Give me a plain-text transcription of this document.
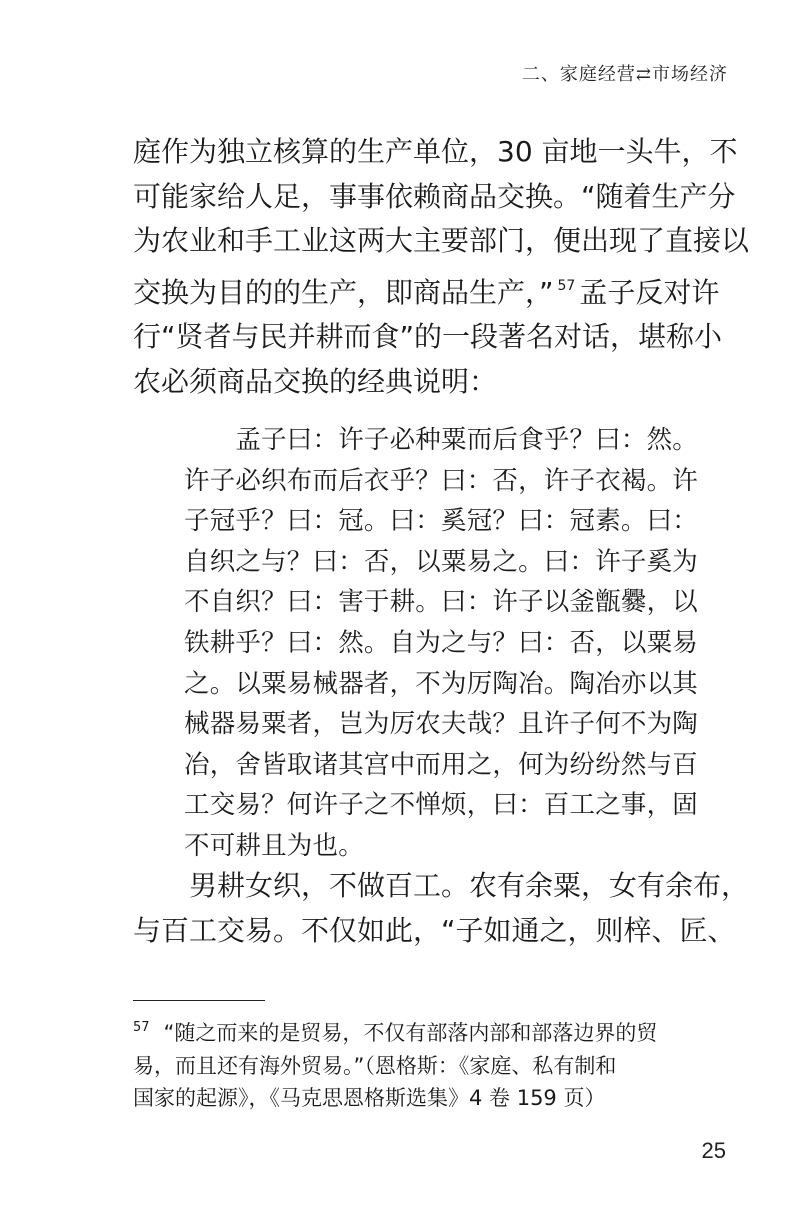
二、家庭经营⇄市场经济

庭作为独立核算的生产单位，30 亩地一头牛，不

可能家给人足，事事依赖商品交换。“随着生产分

为农业和手工业这两大主要部门，便出现了直接以

交换为目的的生产，即商品生产，” $^{57}$ 孟子反对许

行“贤者与民并耕而食”的一段著名对话，堪称小

农必须商品交换的经典说明：

　　孟子曰：许子必种粟而后食乎？曰：然。

许子必织布而后衣乎？曰：否，许子衣褐。许

子冠乎？曰：冠。曰：奚冠？曰：冠素。曰：

自织之与？曰：否，以粟易之。曰：许子奚为

不自织？曰：害于耕。曰：许子以釜甑爨，以

铁耕乎？曰：然。自为之与？曰：否，以粟易

之。以粟易械器者，不为厉陶冶。陶冶亦以其

械器易粟者，岂为厉农夫哉？且许子何不为陶

冶，舍皆取诸其宫中而用之，何为纷纷然与百

工交易？何许子之不惮烦，曰：百工之事，固

不可耕且为也。

　　男耕女织，不做百工。农有余粟，女有余布，

与百工交易。不仅如此，“子如通之，则梓、匠、

$^{57}$ “随之而来的是贸易，不仅有部落内部和部落边界的贸

易，而且还有海外贸易。”（恩格斯：《家庭、私有制和

国家的起源》，《马克思恩格斯选集》4 卷 159 页）

25
